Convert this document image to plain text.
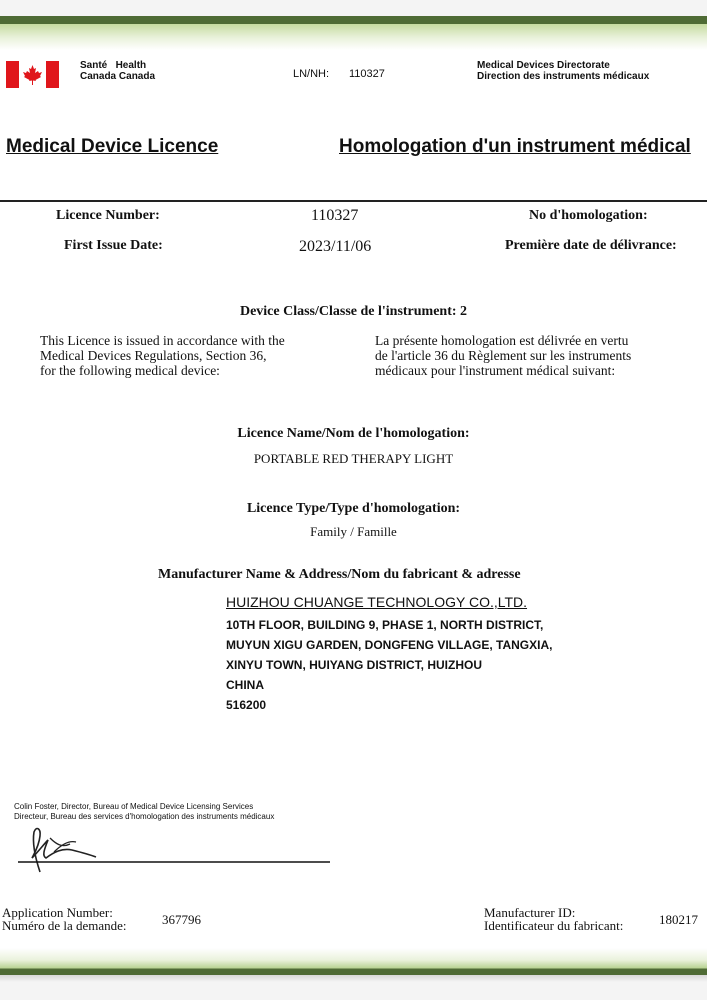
Santé Health
Canada Canada	LN/NH: 110327
Medical Devices Directorate
Direction des instruments médicaux
Medical Device Licence	Homologation d'un instrument médical
Licence Number:	110327	No d'homologation:
First Issue Date:	2023/11/06	Première date de délivrance:
Device Class/Classe de l'instrument: 2
This Licence is issued in accordance with the
Medical Devices Regulations, Section 36,
for the following medical device:
La présente homologation est délivrée en vertu
de l'article 36 du Règlement sur les instruments
médicaux pour l'instrument médical suivant:
Licence Name/Nom de l'homologation:
PORTABLE RED THERAPY LIGHT
Licence Type/Type d'homologation:
Family / Famille
Manufacturer Name & Address/Nom du fabricant & adresse
HUIZHOU CHUANGE TECHNOLOGY CO.,LTD.
10TH FLOOR, BUILDING 9, PHASE 1, NORTH DISTRICT,
MUYUN XIGU GARDEN, DONGFENG VILLAGE, TANGXIA,
XINYU TOWN, HUIYANG DISTRICT, HUIZHOU
CHINA
516200
Colin Foster, Director, Bureau of Medical Device Licensing Services
Directeur, Bureau des services d'homologation des instruments médicaux
Application Number:
Numéro de la demande:	367796	Manufacturer ID:
Identificateur du fabricant:	180217
